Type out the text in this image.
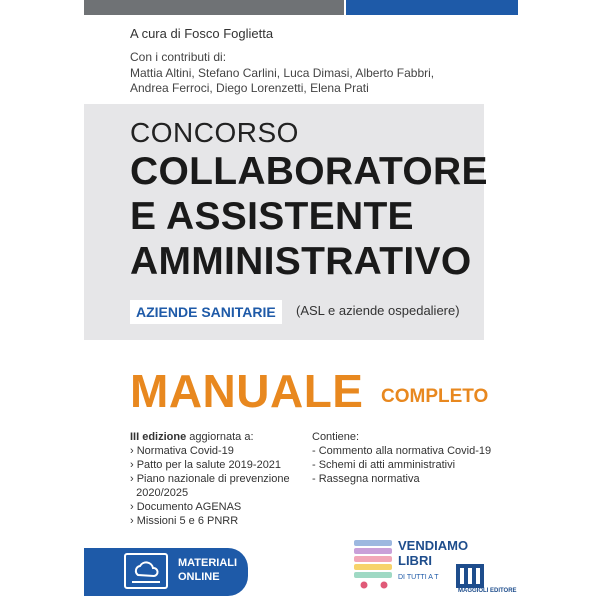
A cura di Fosco Foglietta
Con i contributi di:
Mattia Altini, Stefano Carlini, Luca Dimasi, Alberto Fabbri,
Andrea Ferroci, Diego Lorenzetti, Elena Prati
CONCORSO
COLLABORATORE
E ASSISTENTE
AMMINISTRATIVO
AZIENDE SANITARIE	(ASL e aziende ospedaliere)
MANUALE COMPLETO
III edizione aggiornata a:
› Normativa Covid-19
› Patto per la salute 2019-2021
› Piano nazionale di prevenzione
2020/2025
› Documento AGENAS
› Missioni 5 e 6 PNRR
Contiene:
- Commento alla normativa Covid-19
- Schemi di atti amministrativi
- Rassegna normativa
MATERIALI
ONLINE
VENDIAMO
LIBRI
DI TUTTI A T
MAGGIOLI EDITORE
